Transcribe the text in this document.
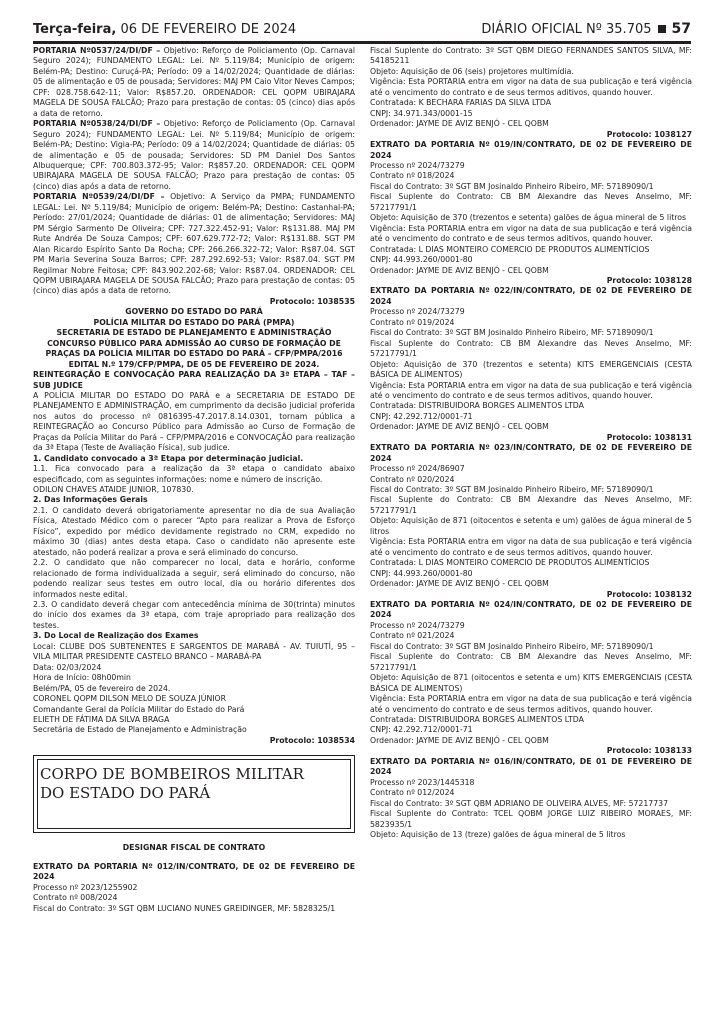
Terça-feira, 06 DE FEVEREIRO DE 2024	DIÁRIO OFICIAL Nº 35.705 57

PORTARIA Nº0537/24/DI/DF – Objetivo: Reforço de Policiamento (Op. Carnaval Seguro 2024); FUNDAMENTO LEGAL: Lei. Nº 5.119/84; Município de origem: Belém-PA; Destino: Curuçá-PA; Período: 09 a 14/02/2024; Quantidade de diárias: 05 de alimentação e 05 de pousada; Servidores: MAJ PM Caio Vitor Neves Campos; CPF: 028.758.642-11; Valor: R$857.20. ORDENADOR: CEL QOPM UBIRAJARA MAGELA DE SOUSA FALCÃO; Prazo para prestação de contas: 05 (cinco) dias após a data de retorno.

PORTARIA Nº0538/24/DI/DF – Objetivo: Reforço de Policiamento (Op. Carnaval Seguro 2024); FUNDAMENTO LEGAL: Lei. Nº 5.119/84; Município de origem: Belém-PA; Destino: Vigia-PA; Período: 09 a 14/02/2024; Quantidade de diárias: 05 de alimentação e 05 de pousada; Servidores: SD PM Daniel Dos Santos Albuquerque; CPF: 700.803.372-95; Valor: R$857.20. ORDENADOR: CEL QOPM UBIRAJARA MAGELA DE SOUSA FALCÃO; Prazo para prestação de contas: 05 (cinco) dias após a data de retorno.

PORTARIA Nº0539/24/DI/DF – Objetivo: A Serviço da PMPA; FUNDAMENTO LEGAL: Lei. Nº 5.119/84; Município de origem: Belém-PA; Destino: Castanhal-PA; Período: 27/01/2024; Quantidade de diárias: 01 de alimentação; Servidores: MAJ PM Sérgio Sarmento De Oliveira; CPF: 727.322.452-91; Valor: R$131.88. MAJ PM Rute Andréa De Souza Campos; CPF: 607.629.772-72; Valor: R$131.88. SGT PM Alan Ricardo Espírito Santo Da Rocha; CPF: 266.266.322-72; Valor: R$87.04. SGT PM Maria Severina Souza Barros; CPF: 287.292.692-53; Valor: R$87.04. SGT PM Regilmar Nobre Feitosa; CPF: 843.902.202-68; Valor: R$87.04. ORDENADOR: CEL QOPM UBIRAJARA MAGELA DE SOUSA FALCÃO; Prazo para prestação de contas: 05 (cinco) dias após a data de retorno.

Protocolo: 1038535

GOVERNO DO ESTADO DO PARÁ

POLÍCIA MILITAR DO ESTADO DO PARÁ (PMPA)

SECRETARIA DE ESTADO DE PLANEJAMENTO E ADMINISTRAÇÃO

CONCURSO PÚBLICO PARA ADMISSÃO AO CURSO DE FORMAÇÃO DE PRAÇAS DA POLÍCIA MILITAR DO ESTADO DO PARÁ – CFP/PMPA/2016

EDITAL N.º 179/CFP/PMPA, DE 05 DE FEVEREIRO DE 2024.

REINTEGRAÇÃO E CONVOCAÇÃO PARA REALIZAÇÃO DA 3ª ETAPA – TAF – SUB JUDICE

A POLÍCIA MILITAR DO ESTADO DO PARÁ e a SECRETARIA DE ESTADO DE PLANEJAMENTO E ADMINISTRAÇÃO, em cumprimento da decisão judicial proferida nos autos do processo nº 0816395-47.2017.8.14.0301, tornam pública a REINTEGRAÇÃO ao Concurso Público para Admissão ao Curso de Formação de Praças da Polícia Militar do Pará – CFP/PMPA/2016 e CONVOCAÇÃO para realização da 3ª Etapa (Teste de Avaliação Física), sub judice.

1. Candidato convocado a 3ª Etapa por determinação judicial.

1.1. Fica convocado para a realização da 3ª etapa o candidato abaixo especificado, com as seguintes informações: nome e número de inscrição.

ODILON CHAVES ATAIDE JUNIOR, 107830.

2. Das Informações Gerais

2.1. O candidato deverá obrigatoriamente apresentar no dia de sua Avaliação Física, Atestado Médico com o parecer “Apto para realizar a Prova de Esforço Físico”, expedido por médico devidamente registrado no CRM, expedido no máximo 30 (dias) antes desta etapa. Caso o candidato não apresente este atestado, não poderá realizar a prova e será eliminado do concurso.

2.2. O candidato que não comparecer no local, data e horário, conforme relacionado de forma individualizada a seguir, será eliminado do concurso, não podendo realizar seus testes em outro local, dia ou horário diferentes dos informados neste edital.

2.3. O candidato deverá chegar com antecedência mínima de 30(trinta) minutos do início dos exames da 3ª etapa, com traje apropriado para realização dos testes.

3. Do Local de Realização dos Exames

Local: CLUBE DOS SUBTENENTES E SARGENTOS DE MARABÁ - AV. TUIUTÍ, 95 – VILA MILITAR PRESIDENTE CASTELO BRANCO – MARABÁ-PA

Data: 02/03/2024

Hora de Início: 08h00min

Belém/PA, 05 de fevereiro de 2024.

CORONEL QOPM DILSON MELO DE SOUZA JÚNIOR

Comandante Geral da Polícia Militar do Estado do Pará

ELIETH DE FÁTIMA DA SILVA BRAGA

Secretária de Estado de Planejamento e Administração

Protocolo: 1038534

CORPO DE BOMBEIROS MILITAR

DO ESTADO DO PARÁ

DESIGNAR FISCAL DE CONTRATO

EXTRATO DA PORTARIA Nº 012/IN/CONTRATO, DE 02 DE FEVEREIRO DE 2024

Processo nº 2023/1255902

Contrato nº 008/2024

Fiscal do Contrato: 3º SGT QBM LUCIANO NUNES GREIDINGER, MF: 5828325/1

Fiscal Suplente do Contrato: 3º SGT QBM DIEGO FERNANDES SANTOS SILVA, MF: 54185211

Objeto: Aquisição de 06 (seis) projetores multimídia.

Vigência: Esta PORTARIA entra em vigor na data de sua publicação e terá vigência até o vencimento do contrato e de seus termos aditivos, quando houver.

Contratada: K BECHARA FARIAS DA SILVA LTDA

CNPJ: 34.971.343/0001-15

Ordenador: JAYME DE AVIZ BENJÓ - CEL QOBM

Protocolo: 1038127

EXTRATO DA PORTARIA Nº 019/IN/CONTRATO, DE 02 DE FEVEREIRO DE 2024

Processo nº 2024/73279

Contrato nº 018/2024

Fiscal do Contrato: 3º SGT BM Josinaldo Pinheiro Ribeiro, MF: 57189090/1

Fiscal Suplente do Contrato: CB BM Alexandre das Neves Anselmo, MF: 57217791/1

Objeto: Aquisição de 370 (trezentos e setenta) galões de água mineral de 5 litros

Vigência: Esta PORTARIA entra em vigor na data de sua publicação e terá vigência até o vencimento do contrato e de seus termos aditivos, quando houver.

Contratada: L DIAS MONTEIRO COMERCIO DE PRODUTOS ALIMENTÍCIOS

CNPJ: 44.993.260/0001-80

Ordenador: JAYME DE AVIZ BENJÓ - CEL QOBM

Protocolo: 1038128

EXTRATO DA PORTARIA Nº 022/IN/CONTRATO, DE 02 DE FEVEREIRO DE 2024

Processo nº 2024/73279

Contrato nº 019/2024

Fiscal do Contrato: 3º SGT BM Josinaldo Pinheiro Ribeiro, MF: 57189090/1

Fiscal Suplente do Contrato: CB BM Alexandre das Neves Anselmo, MF: 57217791/1

Objeto: Aquisição de 370 (trezentos e setenta) KITS EMERGENCIAIS (CESTA BÁSICA DE ALIMENTOS)

Vigência: Esta PORTARIA entra em vigor na data de sua publicação e terá vigência até o vencimento do contrato e de seus termos aditivos, quando houver.

Contratada: DISTRIBUIDORA BORGES ALIMENTOS LTDA

CNPJ: 42.292.712/0001-71

Ordenador: JAYME DE AVIZ BENJÓ - CEL QOBM

Protocolo: 1038131

EXTRATO DA PORTARIA Nº 023/IN/CONTRATO, DE 02 DE FEVEREIRO DE 2024

Processo nº 2024/86907

Contrato nº 020/2024

Fiscal do Contrato: 3º SGT BM Josinaldo Pinheiro Ribeiro, MF: 57189090/1

Fiscal Suplente do Contrato: CB BM Alexandre das Neves Anselmo, MF: 57217791/1

Objeto: Aquisição de 871 (oitocentos e setenta e um) galões de água mineral de 5 litros

Vigência: Esta PORTARIA entra em vigor na data de sua publicação e terá vigência até o vencimento do contrato e de seus termos aditivos, quando houver.

Contratada: L DIAS MONTEIRO COMERCIO DE PRODUTOS ALIMENTÍCIOS

CNPJ: 44.993.260/0001-80

Ordenador: JAYME DE AVIZ BENJÓ - CEL QOBM

Protocolo: 1038132

EXTRATO DA PORTARIA Nº 024/IN/CONTRATO, DE 02 DE FEVEREIRO DE 2024

Processo nº 2024/73279

Contrato nº 021/2024

Fiscal do Contrato: 3º SGT BM Josinaldo Pinheiro Ribeiro, MF: 57189090/1

Fiscal Suplente do Contrato: CB BM Alexandre das Neves Anselmo, MF: 57217791/1

Objeto: Aquisição de 871 (oitocentos e setenta e um) KITS EMERGENCIAIS (CESTA BÁSICA DE ALIMENTOS)

Vigência: Esta PORTARIA entra em vigor na data de sua publicação e terá vigência até o vencimento do contrato e de seus termos aditivos, quando houver.

Contratada: DISTRIBUIDORA BORGES ALIMENTOS LTDA

CNPJ: 42.292.712/0001-71

Ordenador: JAYME DE AVIZ BENJÓ - CEL QOBM

Protocolo: 1038133

EXTRATO DA PORTARIA Nº 016/IN/CONTRATO, DE 01 DE FEVEREIRO DE 2024

Processo nº 2023/1445318

Contrato nº 012/2024

Fiscal do Contrato: 3º SGT QBM ADRIANO DE OLIVEIRA ALVES, MF: 57217737

Fiscal Suplente do Contrato: TCEL QOBM JORGE LUIZ RIBEIRO MORAES, MF: 5823935/1

Objeto: Aquisição de 13 (treze) galões de água mineral de 5 litros
